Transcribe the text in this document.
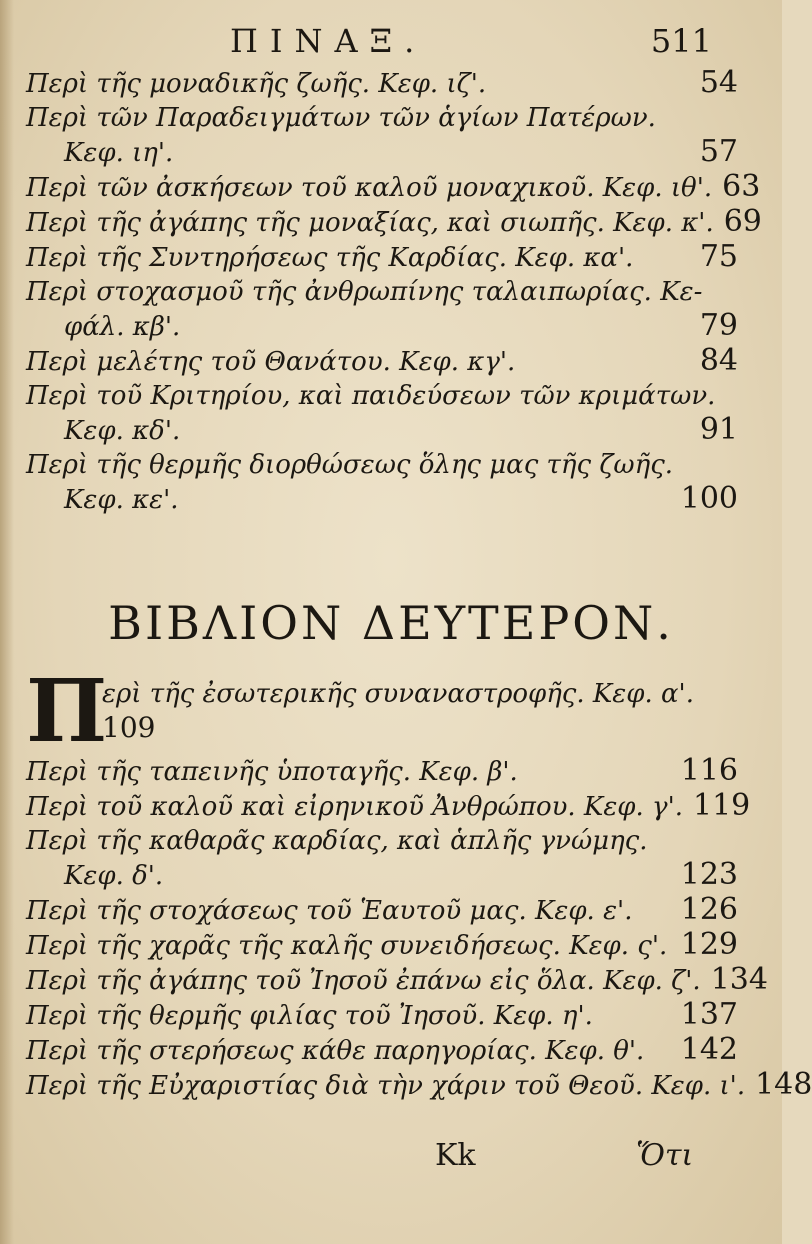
ΠΙΝΑΞ.	511
Περὶ τῆς μοναδικῆς ζωῆς. Κεφ. ιζ'.	54
Περὶ τῶν Παραδειγμάτων τῶν ἁγίων Πατέρων.
Κεφ. ιη'.	57
Περὶ τῶν ἀσκήσεων τοῦ καλοῦ μοναχικοῦ. Κεφ. ιθ'. 63
Περὶ τῆς ἀγάπης τῆς μοναξίας, καὶ σιωπῆς. Κεφ. κ'. 69
Περὶ τῆς Συντηρήσεως τῆς Καρδίας. Κεφ. κα'.	75
Περὶ στοχασμοῦ τῆς ἀνθρωπίνης ταλαιπωρίας. Κε-
φάλ. κβ'.	79
Περὶ μελέτης τοῦ Θανάτου. Κεφ. κγ'.	84
Περὶ τοῦ Κριτηρίου, καὶ παιδεύσεων τῶν κριμάτων.
Κεφ. κδ'.	91
Περὶ τῆς θερμῆς διορθώσεως ὅλης μας τῆς ζωῆς.
Κεφ. κε'.	100
ΒΙΒΛΙΟΝ ΔΕΥΤΕΡΟΝ.
Π
ερὶ τῆς ἐσωτερικῆς συναναστροφῆς. Κεφ. α'.
109
Περὶ τῆς ταπεινῆς ὑποταγῆς. Κεφ. β'.	116
Περὶ τοῦ καλοῦ καὶ εἰρηνικοῦ Ἀνθρώπου. Κεφ. γ'. 119
Περὶ τῆς καθαρᾶς καρδίας, καὶ ἁπλῆς γνώμης.
Κεφ. δ'.	123
Περὶ τῆς στοχάσεως τοῦ Ἑαυτοῦ μας. Κεφ. ε'.	126
Περὶ τῆς χαρᾶς τῆς καλῆς συνειδήσεως. Κεφ. ς'. 129
Περὶ τῆς ἀγάπης τοῦ Ἰησοῦ ἐπάνω εἰς ὅλα. Κεφ. ζ'. 134
Περὶ τῆς θερμῆς φιλίας τοῦ Ἰησοῦ. Κεφ. η'.	137
Περὶ τῆς στερήσεως κάθε παρηγορίας. Κεφ. θ'.	142
Περὶ τῆς Εὐχαριστίας διὰ τὴν χάριν τοῦ Θεοῦ. Κεφ. ι'. 148
Kk	Ὅτι
